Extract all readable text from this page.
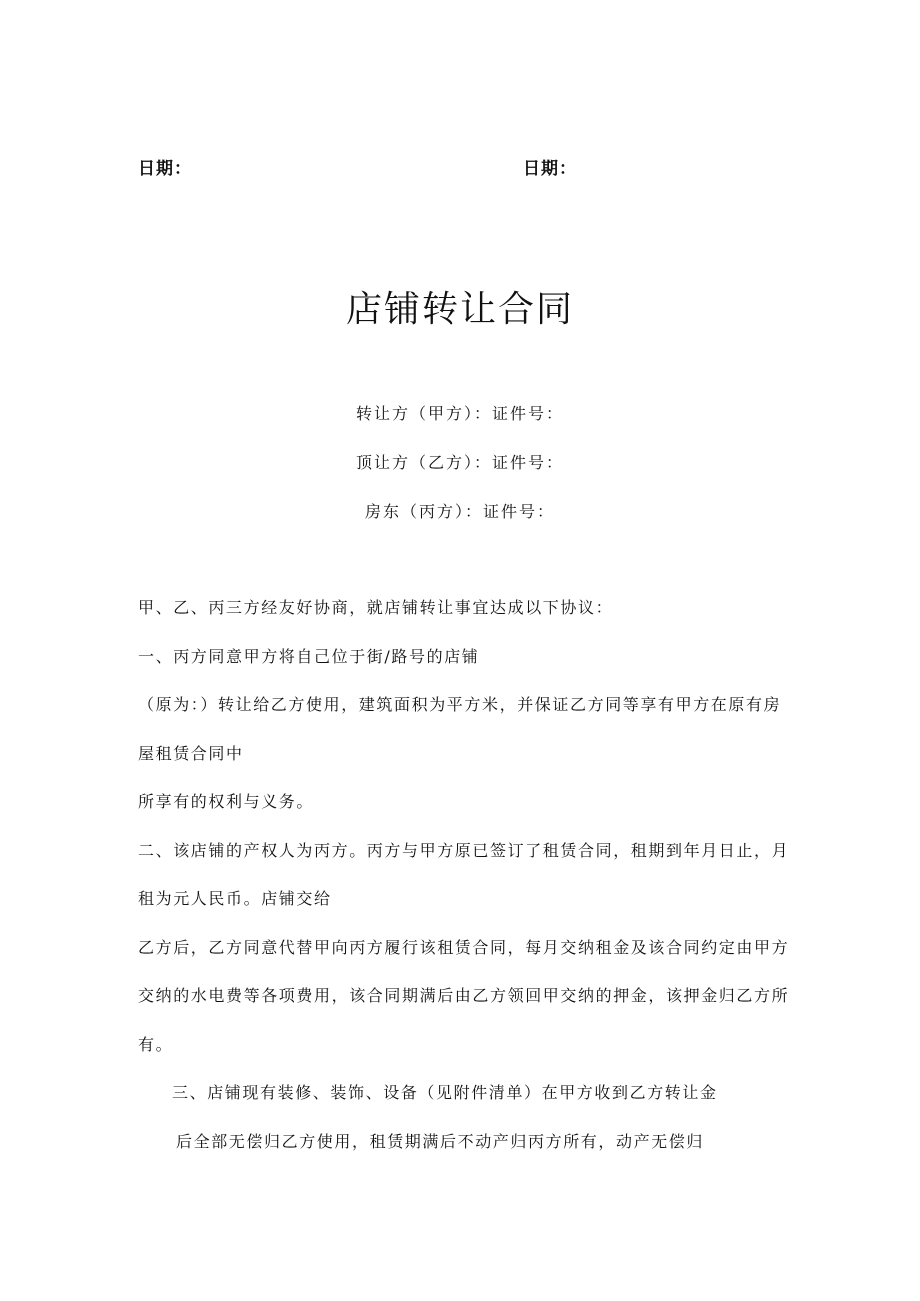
日期：	日期：
店铺转让合同
转让方（甲方）：证件号：
顶让方（乙方）：证件号：
房东（丙方）：证件号：
甲、乙、丙三方经友好协商，就店铺转让事宜达成以下协议：
一、丙方同意甲方将自己位于街/路号的店铺
（原为：）转让给乙方使用，建筑面积为平方米，并保证乙方同等享有甲方在原有房
屋租赁合同中
所享有的权利与义务。
二、该店铺的产权人为丙方。丙方与甲方原已签订了租赁合同，租期到年月日止，月
租为元人民币。店铺交给
乙方后，乙方同意代替甲向丙方履行该租赁合同，每月交纳租金及该合同约定由甲方
交纳的水电费等各项费用，该合同期满后由乙方领回甲交纳的押金，该押金归乙方所
有。
三、店铺现有装修、装饰、设备（见附件清单）在甲方收到乙方转让金
后全部无偿归乙方使用，租赁期满后不动产归丙方所有，动产无偿归
